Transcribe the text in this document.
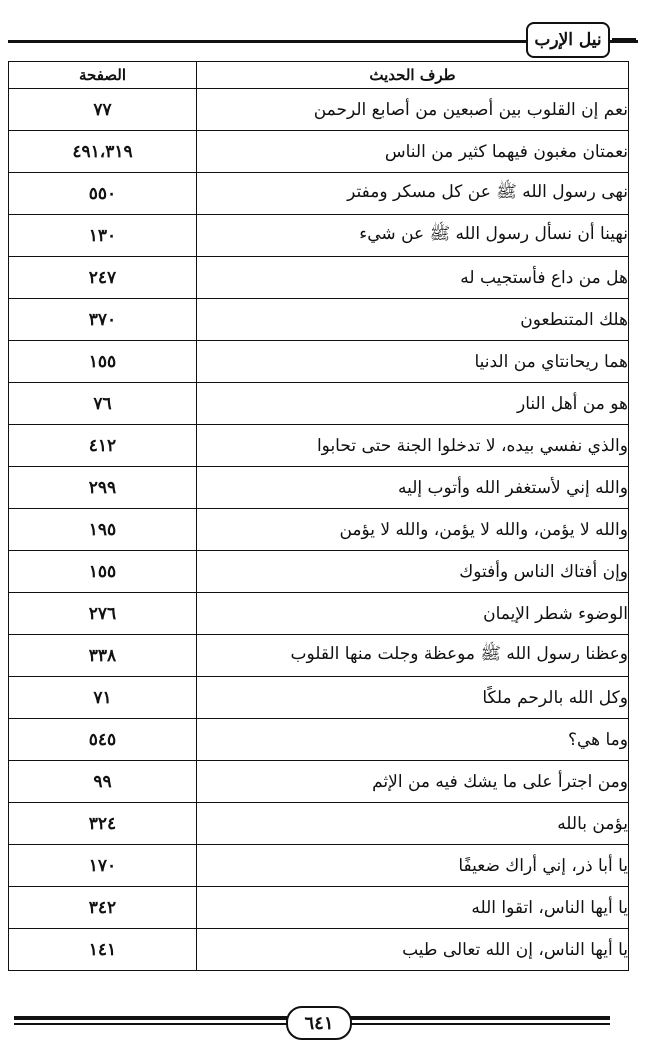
نيل الإرب
طرف الحديث	الصفحة
نعم إن القلوب بين أصبعين من أصابع الرحمن	٧٧
نعمتان مغبون فيهما كثير من الناس	٤٩١،٣١٩
نهى رسول الله ﷺ عن كل مسكر ومفتر	٥٥٠
نهينا أن نسأل رسول الله ﷺ عن شيء	١٣٠
هل من داع فأستجيب له	٢٤٧
هلك المتنطعون	٣٧٠
هما ريحانتاي من الدنيا	١٥٥
هو من أهل النار	٧٦
والذي نفسي بيده، لا تدخلوا الجنة حتى تحابوا	٤١٢
والله إني لأستغفر الله وأتوب إليه	٢٩٩
والله لا يؤمن، والله لا يؤمن، والله لا يؤمن	١٩٥
وإن أفتاك الناس وأفتوك	١٥٥
الوضوء شطر الإيمان	٢٧٦
وعظنا رسول الله ﷺ موعظة وجلت منها القلوب	٣٣٨
وكل الله بالرحم ملكًا	٧١
وما هي؟	٥٤٥
ومن اجترأ على ما يشك فيه من الإثم	٩٩
يؤمن بالله	٣٢٤
يا أبا ذر، إني أراك ضعيفًا	١٧٠
يا أيها الناس، اتقوا الله	٣٤٢
يا أيها الناس، إن الله تعالى طيب	١٤١
٦٤١
